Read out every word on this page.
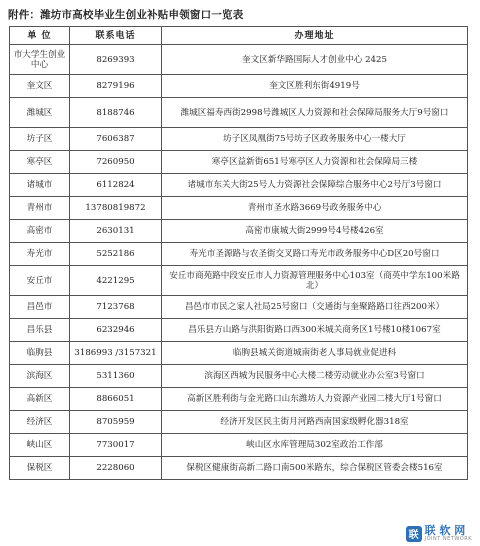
附件：潍坊市高校毕业生创业补贴申领窗口一览表
单 位	联系电话	办理地址
市大学生创业中心	8269393	奎文区新华路国际人才创业中心 2425
奎文区	8279196	奎文区胜利东街4919号
潍城区	8188746	潍城区福寿西街2998号潍城区人力资源和社会保障局服务大厅9号窗口
坊子区	7606387	坊子区凤凰街75号坊子区政务服务中心一楼大厅
寒亭区	7260950	寒亭区益新街651号寒亭区人力资源和社会保障局三楼
诸城市	6112824	诸城市东关大街25号人力资源社会保障综合服务中心2号厅3号窗口
青州市	13780819872	青州市圣水路3669号政务服务中心
高密市	2630131	高密市康城大街2999号4号楼426室
寿光市	5252186	寿光市圣源路与农圣街交叉路口寿光市政务服务中心D区20号窗口
安丘市	4221295	安丘市商苑路中段安丘市人力资源管理服务中心103室（商英中学东100米路北）
昌邑市	7123768	昌邑市市民之家人社局25号窗口（交通街与奎聚路路口往西200米）
昌乐县	6232946	昌乐县方山路与洪阳街路口西300米城关商务区1号楼10楼1067室
临朐县	3186993 /3157321	临朐县城关街道城南街老人事局就业促进科
滨海区	5311360	滨海区西城为民服务中心大楼二楼劳动就业办公室3号窗口
高新区	8866051	高新区胜利街与金光路口山东潍坊人力资源产业园二楼大厅1号窗口
经济区	8705959	经济开发区民主街月河路西南国家级孵化器318室
峡山区	7730017	峡山区水库管理局302室政治工作部
保税区	2228060	保税区健康街高新二路口南500米路东，综合保税区管委会楼516室
联 联 软 网
JOINT NETWORK
